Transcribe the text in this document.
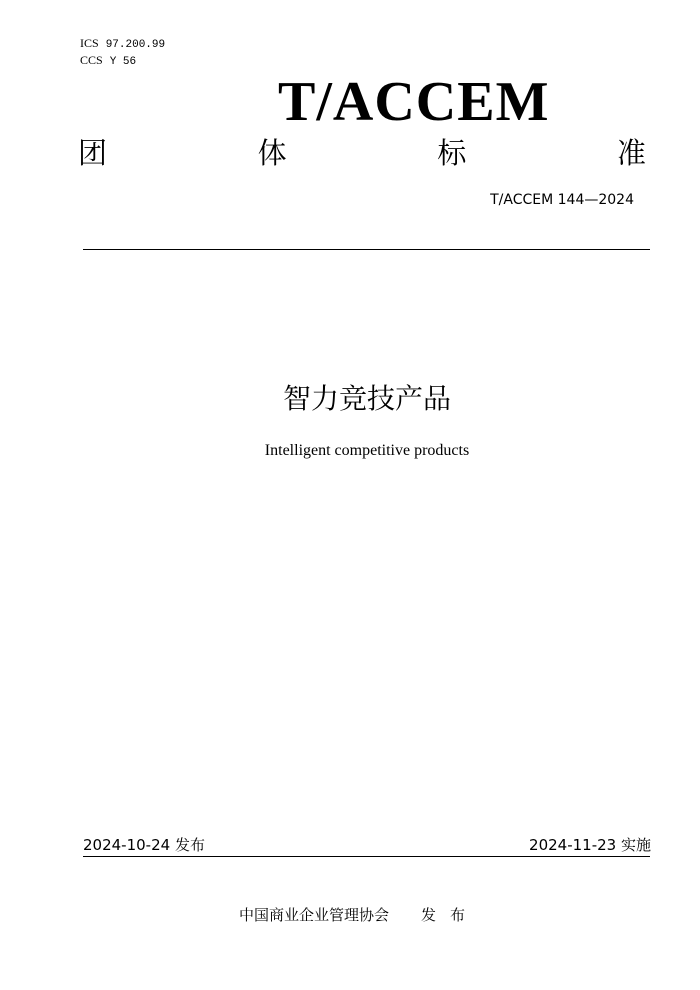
ICS 97.200.99
CCS Y 56
T/ACCEM
团	体	标	准
T/ACCEM 144—2024
智力竞技产品
Intelligent competitive products
2024-10-24 发布	2024-11-23 实施
中国商业企业管理协会 发布
